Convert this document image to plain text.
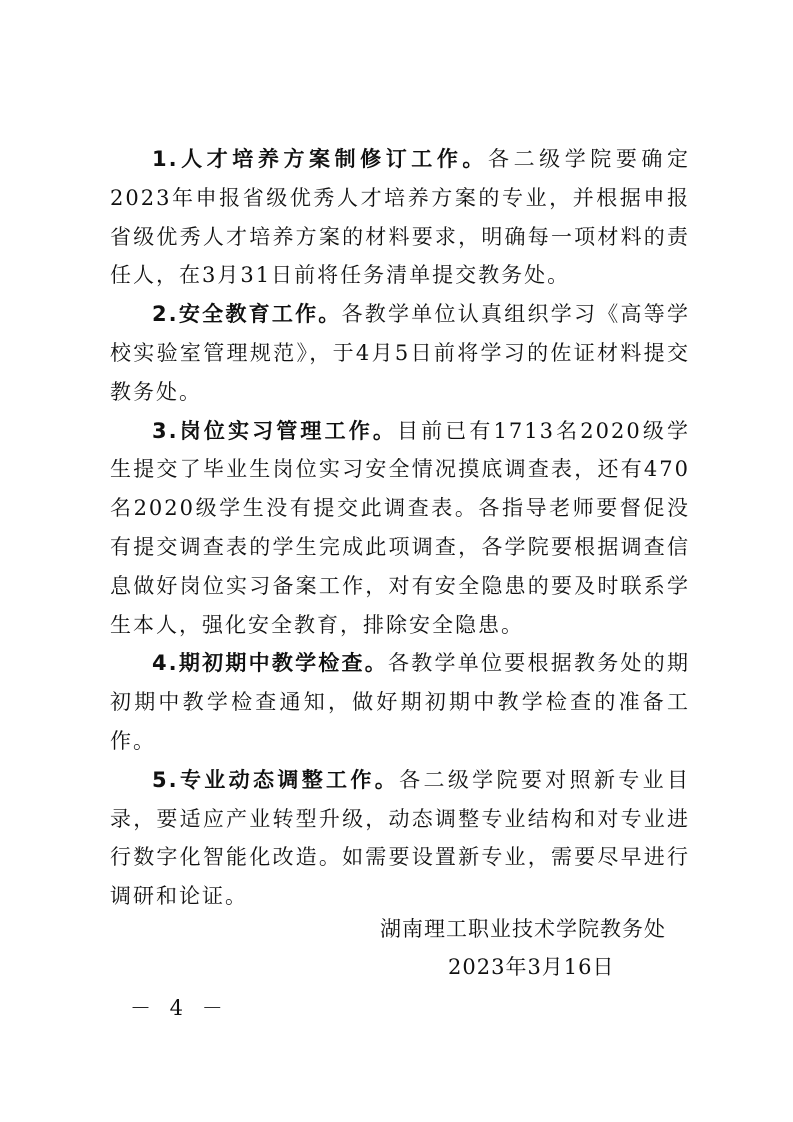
1.人才培养方案制修订工作。各二级学院要确定2023年申报省级优秀人才培养方案的专业，并根据申报省级优秀人才培养方案的材料要求，明确每一项材料的责任人，在3月31日前将任务清单提交教务处。

2.安全教育工作。各教学单位认真组织学习《高等学校实验室管理规范》，于4月5日前将学习的佐证材料提交教务处。

3.岗位实习管理工作。目前已有1713名2020级学生提交了毕业生岗位实习安全情况摸底调查表，还有470名2020级学生没有提交此调查表。各指导老师要督促没有提交调查表的学生完成此项调查，各学院要根据调查信息做好岗位实习备案工作，对有安全隐患的要及时联系学生本人，强化安全教育，排除安全隐患。

4.期初期中教学检查。各教学单位要根据教务处的期初期中教学检查通知，做好期初期中教学检查的准备工作。

5.专业动态调整工作。各二级学院要对照新专业目录，要适应产业转型升级，动态调整专业结构和对专业进行数字化智能化改造。如需要设置新专业，需要尽早进行调研和论证。

湖南理工职业技术学院教务处
2023年3月16日
－ 4 －
